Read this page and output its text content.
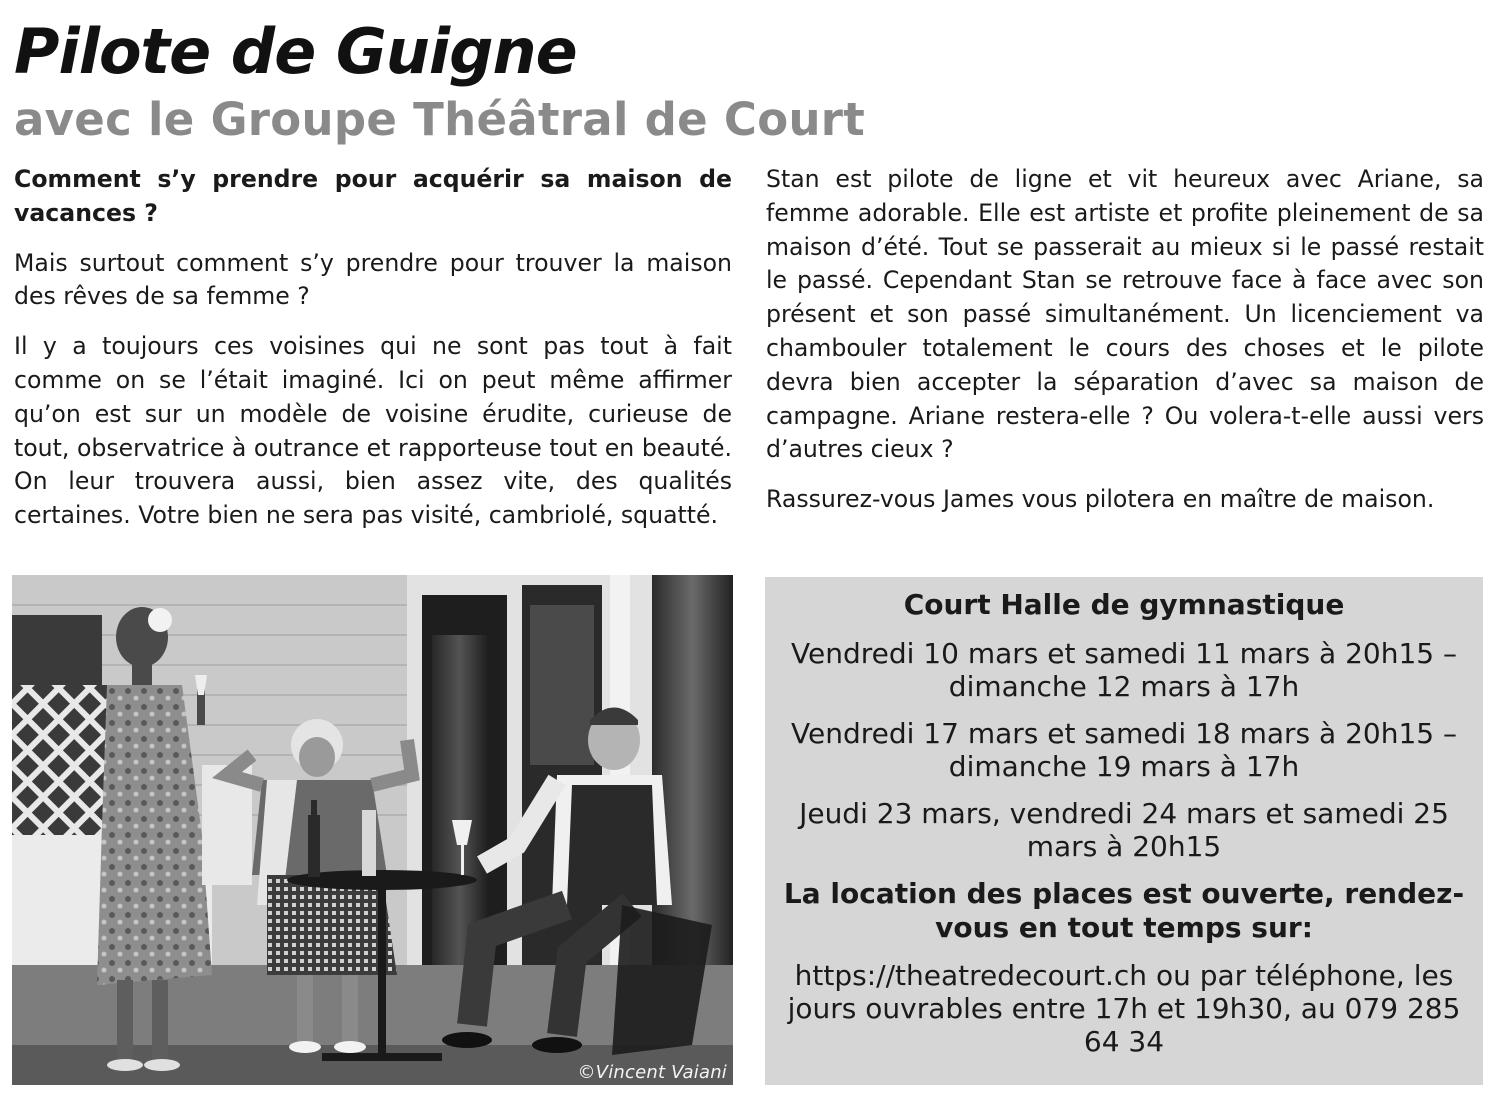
Pilote de Guigne
avec le Groupe Théâtral de Court

Comment s’y prendre pour acquérir sa maison de vacances ?

Mais surtout comment s’y prendre pour trouver la maison des rêves de sa femme ?

Il y a toujours ces voisines qui ne sont pas tout à fait comme on se l’était imaginé. Ici on peut même affirmer qu’on est sur un modèle de voisine érudite, curieuse de tout, observatrice à outrance et rapporteuse tout en beauté. On leur trouvera aussi, bien assez vite, des qualités certaines. Votre bien ne sera pas visité, cambriolé, squatté.

Stan est pilote de ligne et vit heureux avec Ariane, sa femme adorable. Elle est artiste et profite pleinement de sa maison d’été. Tout se passerait au mieux si le passé restait le passé. Cependant Stan se retrouve face à face avec son présent et son passé simultanément. Un licenciement va chambouler totalement le cours des choses et le pilote devra bien accepter la séparation d’avec sa maison de campagne. Ariane restera-elle ? Ou volera-t-elle aussi vers d’autres cieux ?

Rassurez-vous James vous pilotera en maître de maison.

©Vincent Vaiani
Court Halle de gymnastique
Vendredi 10 mars et samedi 11 mars à 20h15 – dimanche 12 mars à 17h
Vendredi 17 mars et samedi 18 mars à 20h15 – dimanche 19 mars à 17h
Jeudi 23 mars, vendredi 24 mars et samedi 25 mars à 20h15
La location des places est ouverte, rendez-vous en tout temps sur:
https://theatredecourt.ch ou par téléphone, les jours ouvrables entre 17h et 19h30, au 079 285 64 34
